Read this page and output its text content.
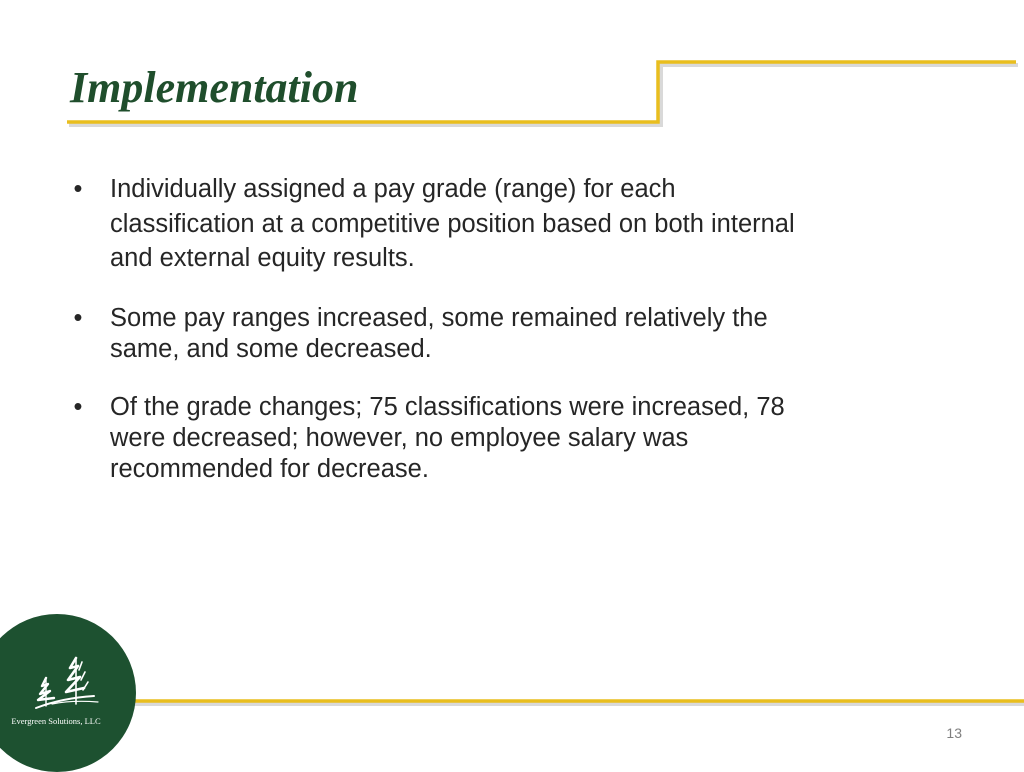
Implementation
• Individually assigned a pay grade (range) for each
classification at a competitive position based on both internal
and external equity results.
• Some pay ranges increased, some remained relatively the
same, and some decreased.
• Of the grade changes; 75 classifications were increased, 78
were decreased; however, no employee salary was
recommended for decrease.
Evergreen Solutions, LLC
13
